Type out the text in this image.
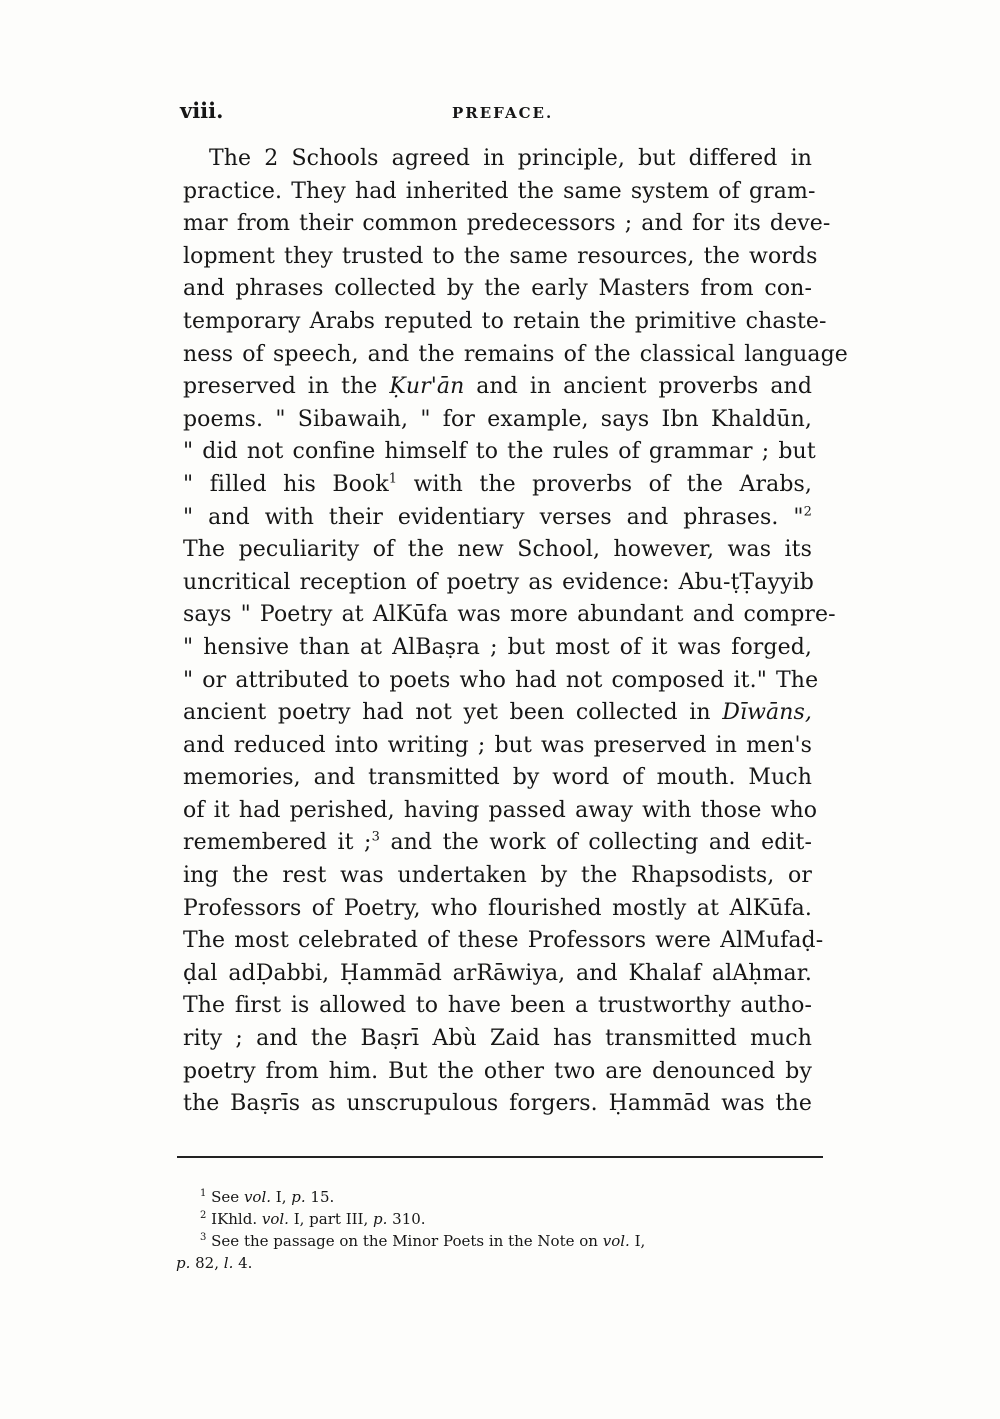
viii.	PREFACE.
The 2 Schools agreed in principle, but differed in
practice. They had inherited the same system of gram-
mar from their common predecessors ; and for its deve-
lopment they trusted to the same resources, the words
and phrases collected by the early Masters from con-
temporary Arabs reputed to retain the primitive chaste-
ness of speech, and the remains of the classical language
preserved in the Ḳur'ān and in ancient proverbs and
poems. " Sibawaih, " for example, says Ibn Khaldūn,
" did not confine himself to the rules of grammar ; but
" filled his Book$^1$ with the proverbs of the Arabs,
" and with their evidentiary verses and phrases. "$^2$
The peculiarity of the new School, however, was its
uncritical reception of poetry as evidence: Abu-ṭṬayyib
says " Poetry at AlKūfa was more abundant and compre-
" hensive than at AlBaṣra ; but most of it was forged,
" or attributed to poets who had not composed it." The
ancient poetry had not yet been collected in Dīwāns,
and reduced into writing ; but was preserved in men's
memories, and transmitted by word of mouth. Much
of it had perished, having passed away with those who
remembered it ;$^3$ and the work of collecting and edit-
ing the rest was undertaken by the Rhapsodists, or
Professors of Poetry, who flourished mostly at AlKūfa.
The most celebrated of these Professors were AlMufaḍ-
ḍal adḌabbi, Ḥammād arRāwiya, and Khalaf alAḥmar.
The first is allowed to have been a trustworthy autho-
rity ; and the Baṣrī Abù Zaid has transmitted much
poetry from him. But the other two are denounced by
the Baṣrīs as unscrupulous forgers. Ḥammād was the
$^1$ See vol. I, p. 15.
$^2$ IKhld. vol. I, part III, p. 310.
$^3$ See the passage on the Minor Poets in the Note on vol. I,
p. 82, l. 4.
